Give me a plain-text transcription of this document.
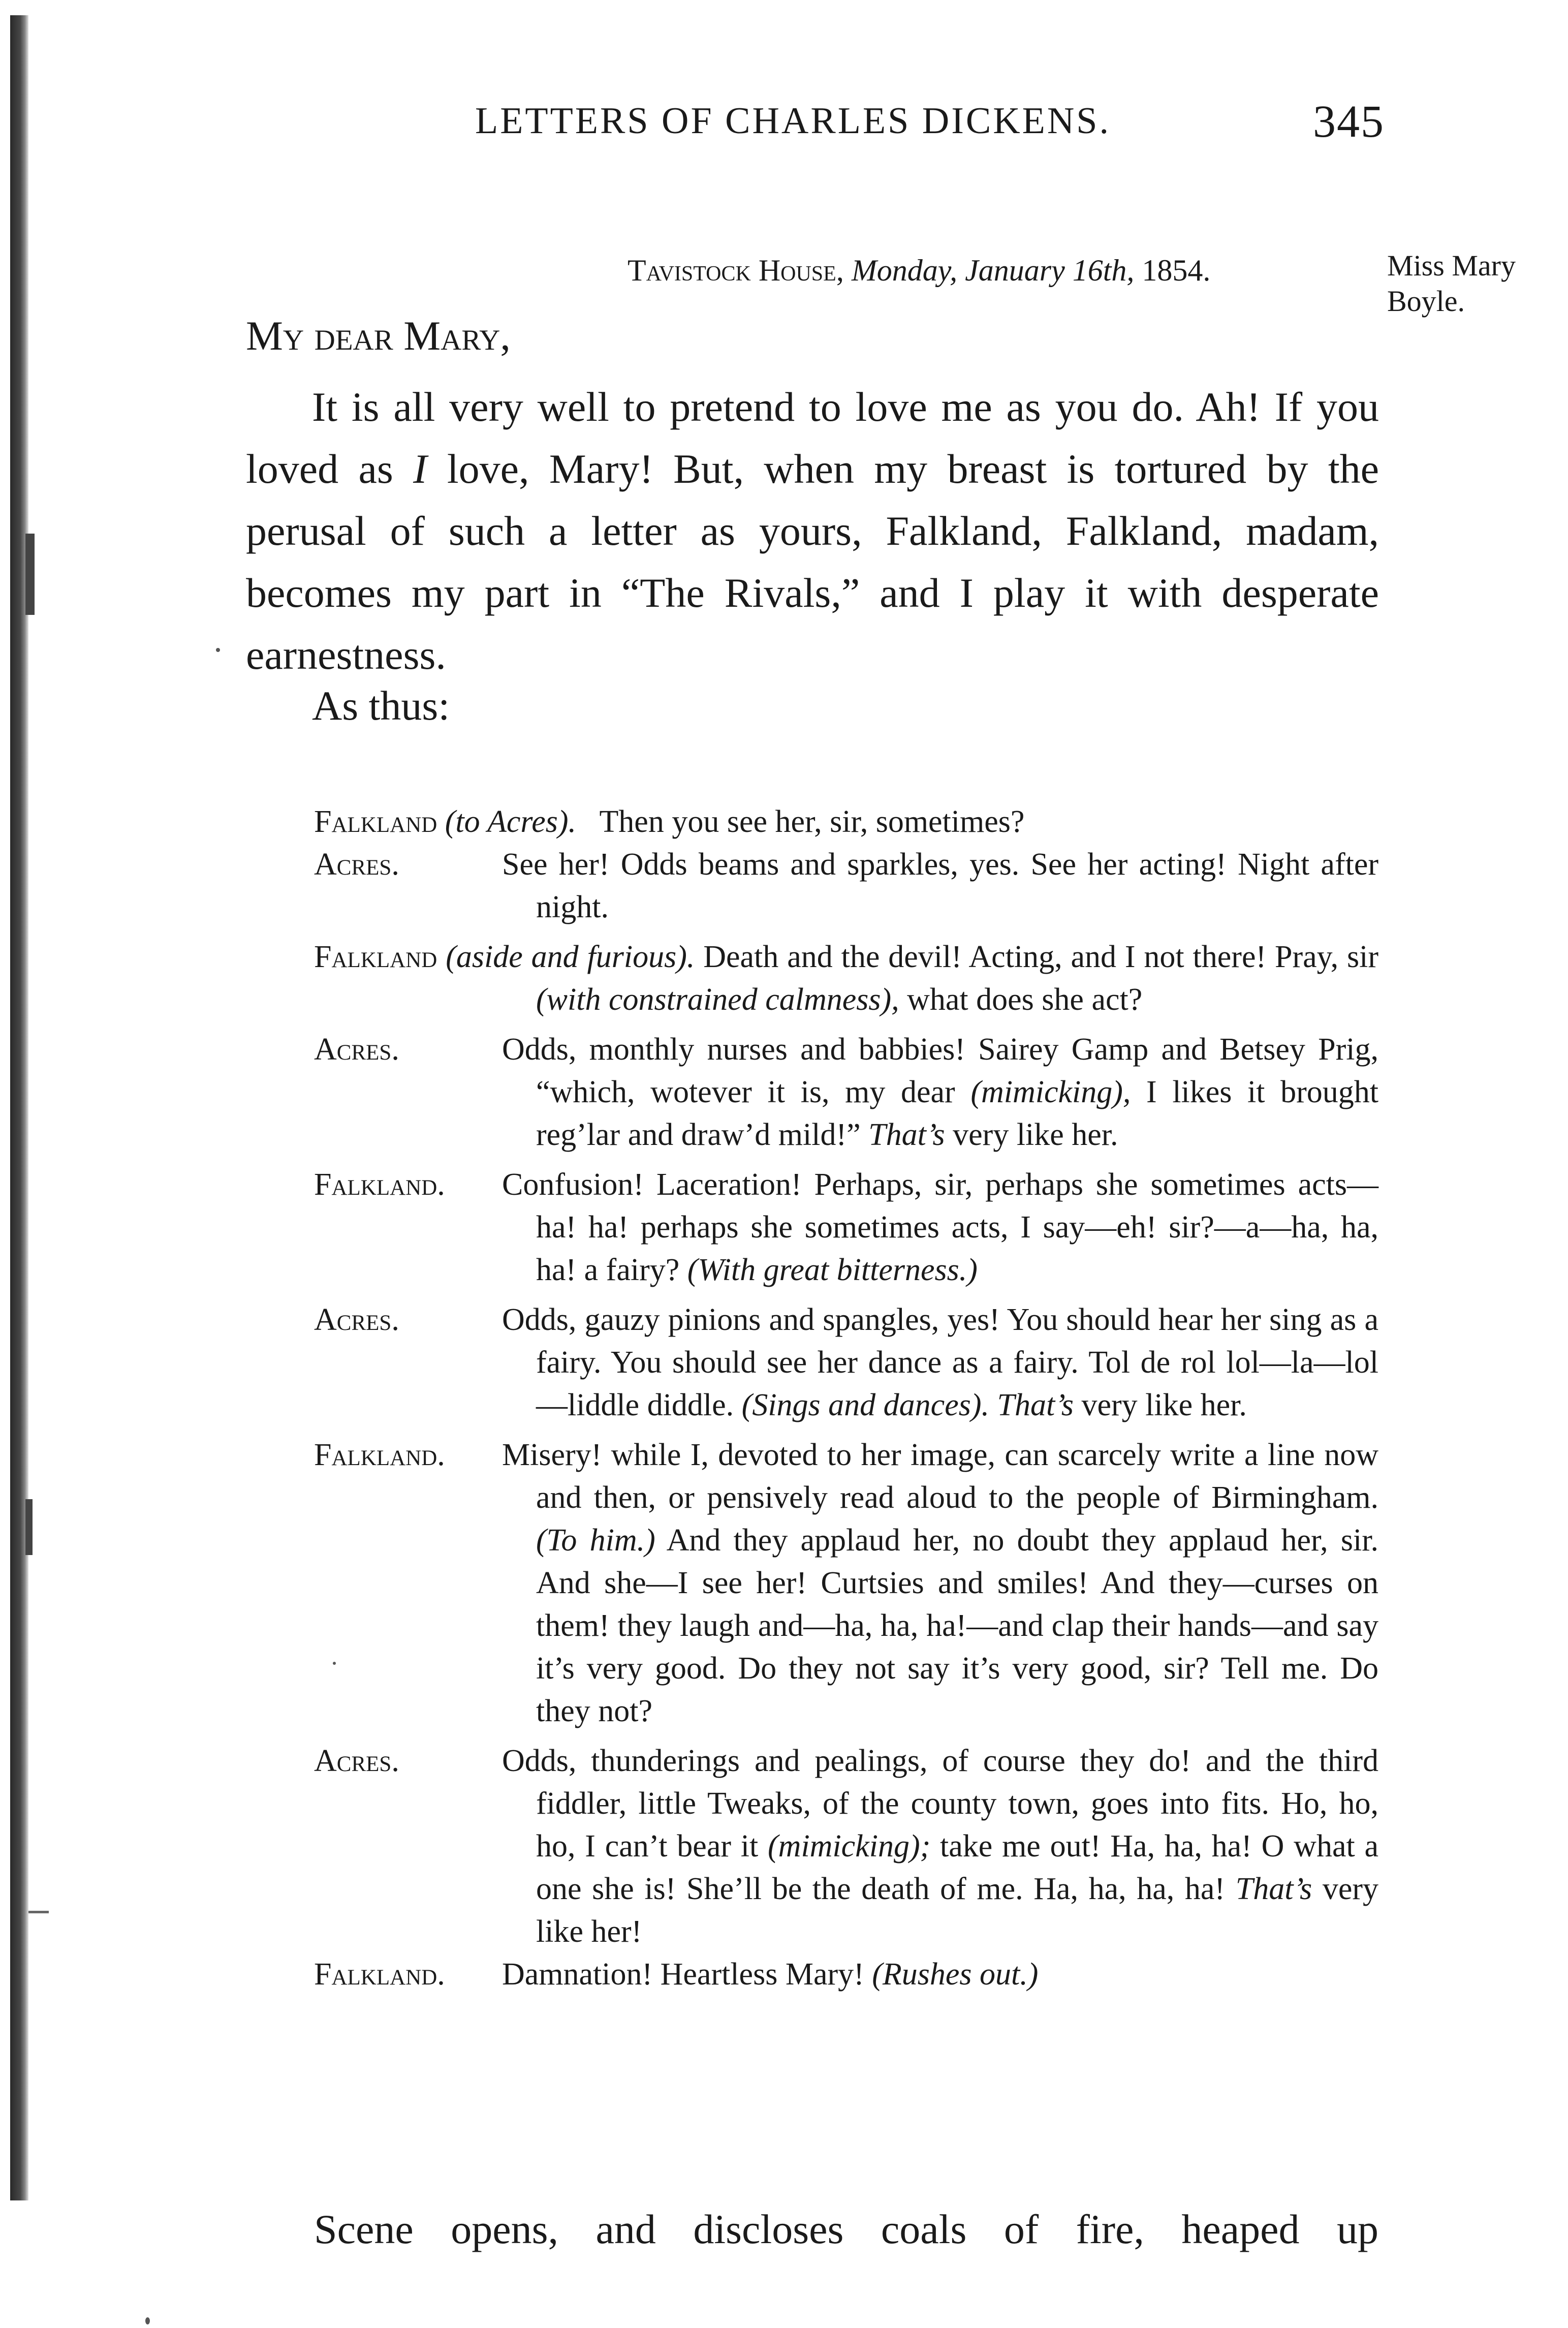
LETTERS OF CHARLES DICKENS.	345
Tavistock House, Monday, January 16th, 1854.	Miss Mary
Boyle.
My dear Mary,

It is all very well to pretend to love me as you do. Ah! If you loved as I love, Mary! But, when my breast is tortured by the perusal of such a letter as yours, Falkland, Falkland, madam, becomes my part in “The Rivals,” and I play it with desperate earnestness.

As thus:
Falkland (to Acres). Then you see her, sir, sometimes?
Acres.	See her! Odds beams and sparkles, yes. See her acting! Night after night.
Falkland (aside and furious). Death and the devil! Acting, and I not there! Pray, sir (with constrained calmness), what does she act?
Acres.	Odds, monthly nurses and babbies! Sairey Gamp and Betsey Prig, “which, wotever it is, my dear (mimicking), I likes it brought reg’lar and draw’d mild!” That’s very like her.
Falkland. Confusion! Laceration! Perhaps, sir, perhaps she sometimes acts—ha! ha! perhaps she sometimes acts, I say—eh! sir?—a—ha, ha, ha! a fairy? (With great bitterness.)
Acres.	Odds, gauzy pinions and spangles, yes! You should hear her sing as a fairy. You should see her dance as a fairy. Tol de rol lol—la—lol—liddle diddle. (Sings and dances). That’s very like her.
Falkland. Misery! while I, devoted to her image, can scarcely write a line now and then, or pensively read aloud to the people of Birmingham. (To him.) And they applaud her, no doubt they applaud her, sir. And she—I see her! Curtsies and smiles! And they—curses on them! they laugh and—ha, ha, ha!—and clap their hands—and say it’s very good. Do they not say it’s very good, sir? Tell me. Do they not?
Acres.	Odds, thunderings and pealings, of course they do! and the third fiddler, little Tweaks, of the county town, goes into fits. Ho, ho, ho, I can’t bear it (mimicking); take me out! Ha, ha, ha! O what a one she is! She’ll be the death of me. Ha, ha, ha, ha! That’s very like her!
Falkland. Damnation! Heartless Mary! (Rushes out.)
Scene opens, and discloses coals of fire, heaped up
